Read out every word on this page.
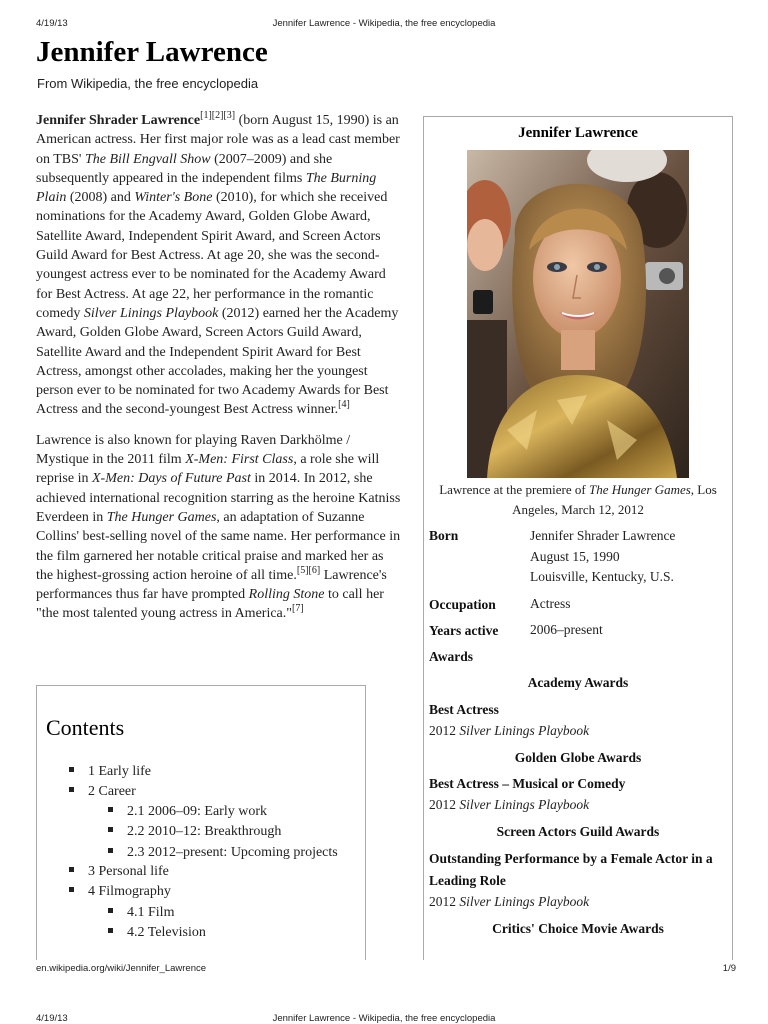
4/19/13	Jennifer Lawrence - Wikipedia, the free encyclopedia
Jennifer Lawrence
From Wikipedia, the free encyclopedia

Jennifer Shrader Lawrence[1][2][3] (born August 15, 1990) is an American actress. Her first major role was as a lead cast member on TBS' The Bill Engvall Show (2007–2009) and she subsequently appeared in the independent films The Burning Plain (2008) and Winter's Bone (2010), for which she received nominations for the Academy Award, Golden Globe Award, Satellite Award, Independent Spirit Award, and Screen Actors Guild Award for Best Actress. At age 20, she was the second-youngest actress ever to be nominated for the Academy Award for Best Actress. At age 22, her performance in the romantic comedy Silver Linings Playbook (2012) earned her the Academy Award, Golden Globe Award, Screen Actors Guild Award, Satellite Award and the Independent Spirit Award for Best Actress, amongst other accolades, making her the youngest person ever to be nominated for two Academy Awards for Best Actress and the second-youngest Best Actress winner.[4]

Lawrence is also known for playing Raven Darkhölme / Mystique in the 2011 film X-Men: First Class, a role she will reprise in X-Men: Days of Future Past in 2014. In 2012, she achieved international recognition starring as the heroine Katniss Everdeen in The Hunger Games, an adaptation of Suzanne Collins' best-selling novel of the same name. Her performance in the film garnered her notable critical praise and marked her as the highest-grossing action heroine of all time.[5][6] Lawrence's performances thus far have prompted Rolling Stone to call her "the most talented young actress in America."[7]

Contents
1 Early life
2 Career
2.1 2006–09: Early work
2.2 2010–12: Breakthrough
2.3 2012–present: Upcoming projects
3 Personal life
4 Filmography
4.1 Film
4.2 Television
Jennifer Lawrence
Lawrence at the premiere of The Hunger Games, Los Angeles, March 12, 2012
Born	Jennifer Shrader Lawrence
August 15, 1990
Louisville, Kentucky, U.S.
Occupation	Actress
Years active 2006–present
Awards
Academy Awards
Best Actress
2012 Silver Linings Playbook
Golden Globe Awards
Best Actress – Musical or Comedy
2012 Silver Linings Playbook
Screen Actors Guild Awards
Outstanding Performance by a Female Actor in a Leading Role
2012 Silver Linings Playbook
Critics' Choice Movie Awards
en.wikipedia.org/wiki/Jennifer_Lawrence	1/9
4/19/13	Jennifer Lawrence - Wikipedia, the free encyclopedia
